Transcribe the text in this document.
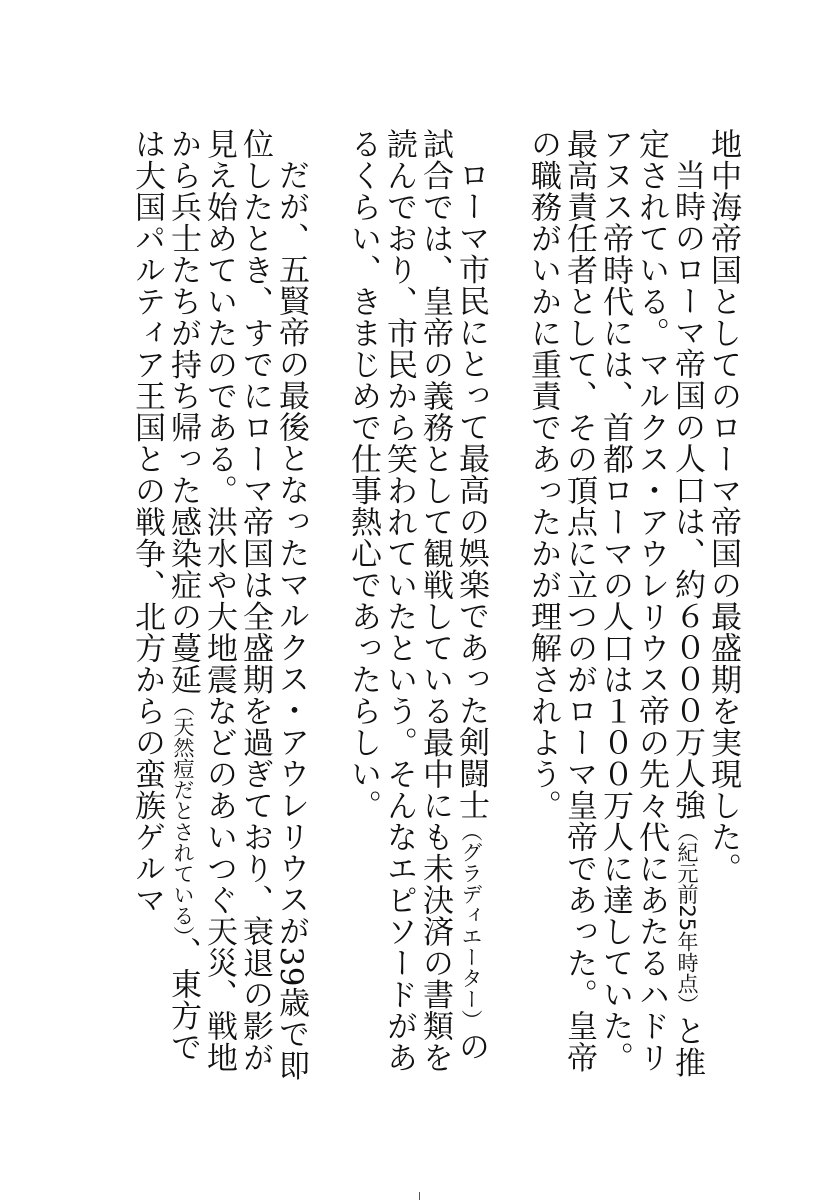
地中海帝国としてのローマ帝国の最盛期を実現した。

当時のローマ帝国の人口は、約６０００万人強（紀元前25年時点）と推定されている。マルクス・アウレリウス帝の先々代にあたるハドリアヌス帝時代には、首都ローマの人口は１００万人に達していた。最高責任者として、その頂点に立つのがローマ皇帝であった。皇帝の職務がいかに重責であったかが理解されよう。

ローマ市民にとって最高の娯楽であった剣闘士（グラディエーター）の試合では、皇帝の義務として観戦している最中にも未決済の書類を読んでおり、市民から笑われていたという。そんなエピソードがあるくらい、きまじめで仕事熱心であったらしい。

だが、五賢帝の最後となったマルクス・アウレリウスが39歳で即位したとき、すでにローマ帝国は全盛期を過ぎており、衰退の影が見え始めていたのである。洪水や大地震などのあいつぐ天災、戦地から兵士たちが持ち帰った感染症の蔓延（天然痘だとされている）、東方では大国パルティア王国との戦争、北方からの蛮族ゲルマ
